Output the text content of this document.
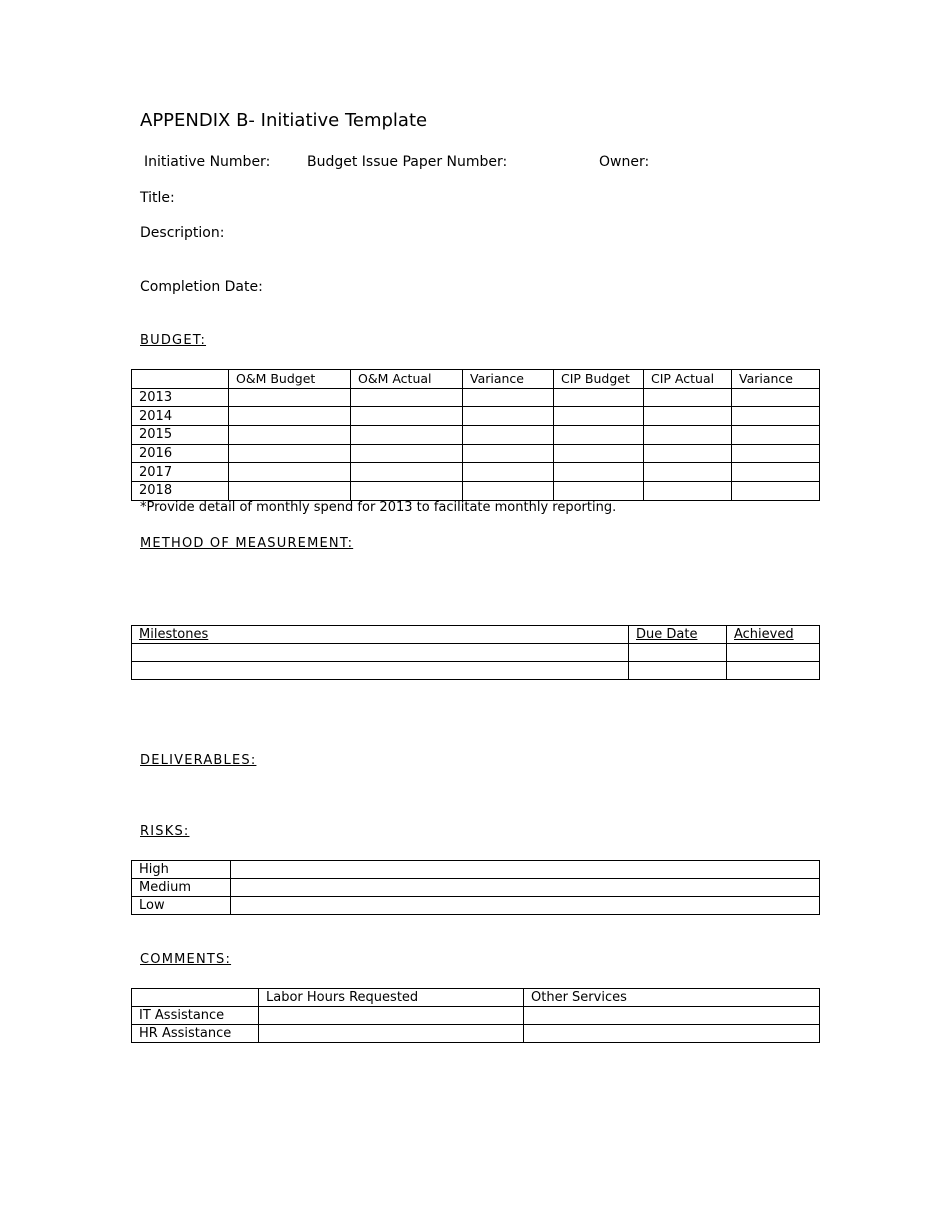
APPENDIX B- Initiative Template
Initiative Number:	Budget Issue Paper Number:	Owner:
Title:
Description:
Completion Date:
BUDGET:
	O&M Budget	O&M Actual	Variance	CIP Budget	CIP Actual	Variance
2013						
2014						
2015						
2016						
2017						
2018						
*Provide detail of monthly spend for 2013 to facilitate monthly reporting.
METHOD OF MEASUREMENT:
Milestones	Due Date	Achieved

DELIVERABLES:
RISKS:
High	
Medium	
Low	
COMMENTS:
	Labor Hours Requested	Other Services
IT Assistance		
HR Assistance		
